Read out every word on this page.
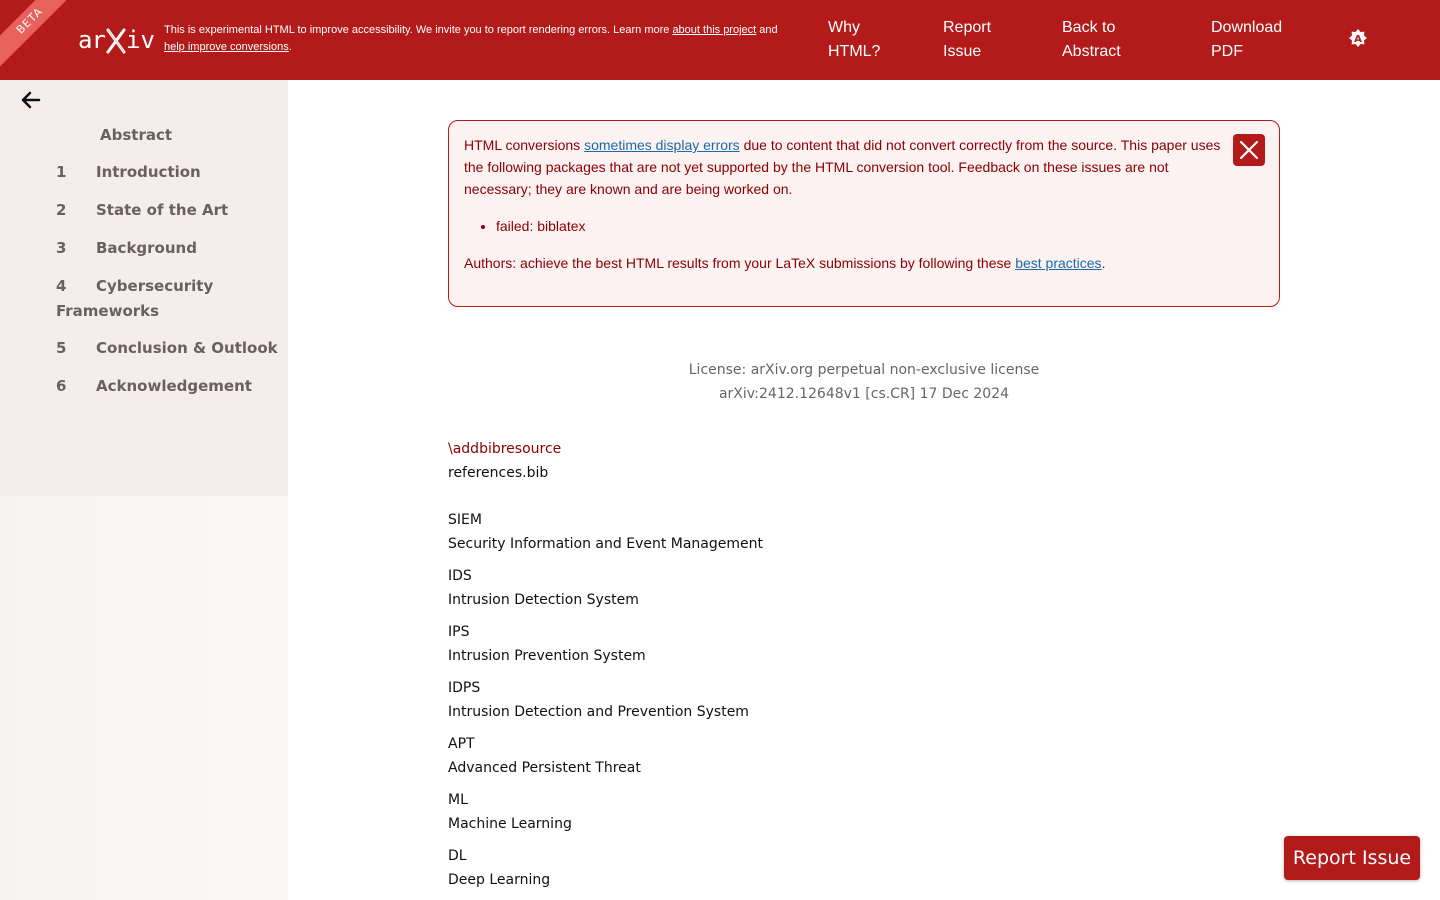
BETA
ar iv This is experimental HTML to improve accessibility. We invite you to report rendering errors. Learn more about this project and
help improve conversions.
Why
HTML?
Report
Issue
Back to
Abstract
Download
PDF
A
Abstract
1 Introduction
2 State of the Art
3 Background
4 Cybersecurity
Frameworks
5 Conclusion & Outlook
6 Acknowledgement

HTML conversions sometimes display errors due to content that did not convert correctly from the source. This paper uses the following packages that are not yet supported by the HTML conversion tool. Feedback on these issues are not necessary; they are known and are being worked on.

• failed: biblatex

Authors: achieve the best HTML results from your LaTeX submissions by following these best practices.

License: arXiv.org perpetual non-exclusive license
arXiv:2412.12648v1 [cs.CR] 17 Dec 2024
\addbibresource
references.bib
SIEM
Security Information and Event Management
IDS
Intrusion Detection System
IPS
Intrusion Prevention System
IDPS
Intrusion Detection and Prevention System
APT
Advanced Persistent Threat
ML
Machine Learning
DL
Deep Learning
Report Issue
